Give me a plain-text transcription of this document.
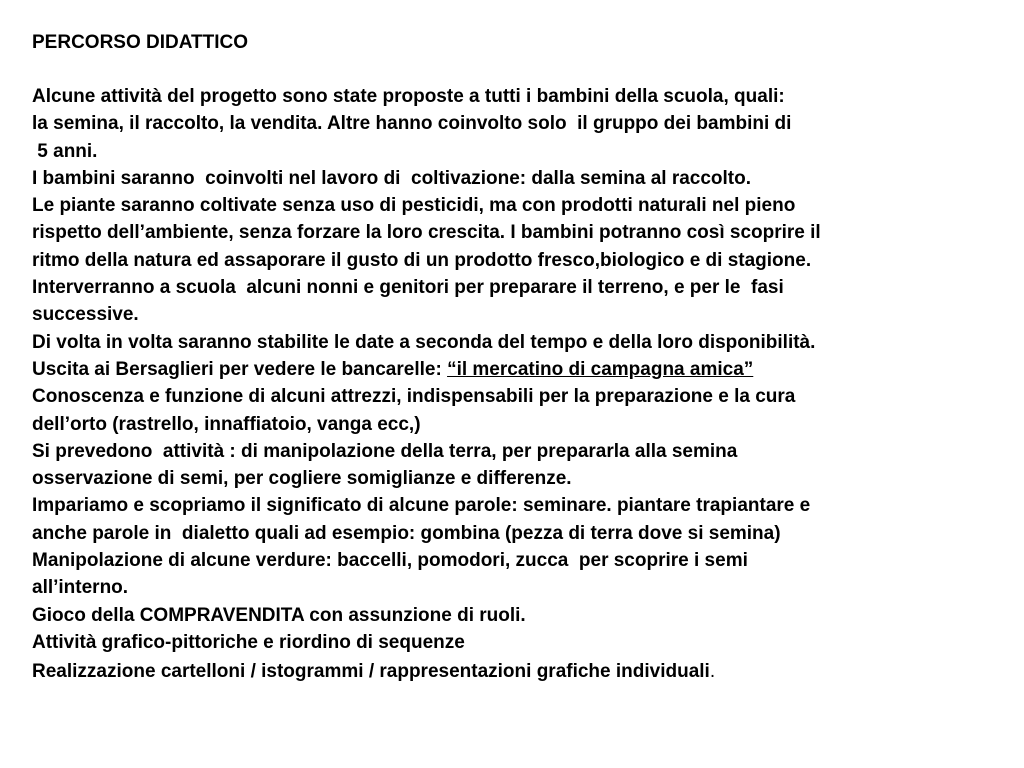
PERCORSO DIDATTICO
Alcune attività del progetto sono state proposte a tutti i bambini della scuola, quali:
la semina, il raccolto, la vendita. Altre hanno coinvolto solo  il gruppo dei bambini di
5 anni.
I bambini saranno  coinvolti nel lavoro di  coltivazione: dalla semina al raccolto.
Le piante saranno coltivate senza uso di pesticidi, ma con prodotti naturali nel pieno
rispetto dell’ambiente, senza forzare la loro crescita. I bambini potranno così scoprire il
ritmo della natura ed assaporare il gusto di un prodotto fresco,biologico e di stagione.
Interverranno a scuola  alcuni nonni e genitori per preparare il terreno, e per le  fasi
successive.
Di volta in volta saranno stabilite le date a seconda del tempo e della loro disponibilità.
Uscita ai Bersaglieri per vedere le bancarelle: “il mercatino di campagna amica”
Conoscenza e funzione di alcuni attrezzi, indispensabili per la preparazione e la cura
dell’orto (rastrello, innaffiatoio, vanga ecc,)
Si prevedono  attività : di manipolazione della terra, per prepararla alla semina
osservazione di semi, per cogliere somiglianze e differenze.
Impariamo e scopriamo il significato di alcune parole: seminare. piantare trapiantare e
anche parole in  dialetto quali ad esempio: gombina (pezza di terra dove si semina)
Manipolazione di alcune verdure: baccelli, pomodori, zucca  per scoprire i semi
all’interno.
Gioco della COMPRAVENDITA con assunzione di ruoli.
Attività grafico-pittoriche e riordino di sequenze
Realizzazione cartelloni / istogrammi / rappresentazioni grafiche individuali.
